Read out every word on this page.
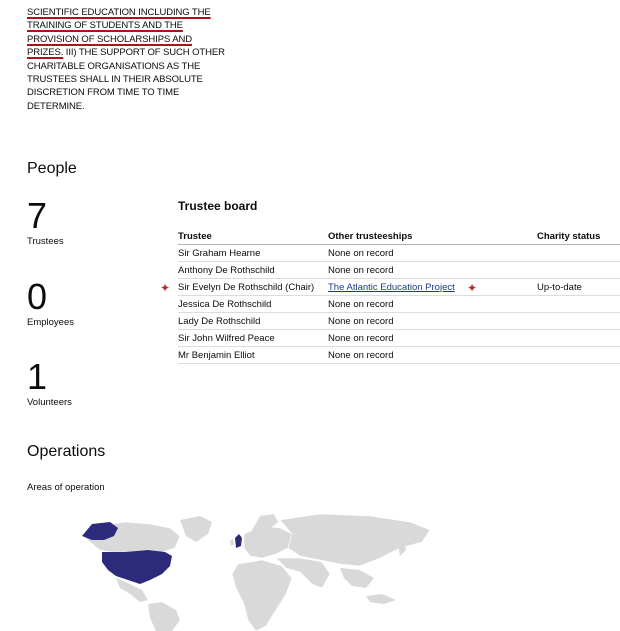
SCIENTIFIC EDUCATION INCLUDING THE TRAINING OF STUDENTS AND THE PROVISION OF SCHOLARSHIPS AND PRIZES. III) THE SUPPORT OF SUCH OTHER CHARITABLE ORGANISATIONS AS THE TRUSTEES SHALL IN THEIR ABSOLUTE DISCRETION FROM TIME TO TIME DETERMINE.
People
7
Trustees
0
Employees
1
Volunteers
Trustee board
Trustee	Other trusteeships	Charity status
Sir Graham Hearne	None on record	
Anthony De Rothschild	None on record	
Sir Evelyn De Rothschild (Chair)	The Atlantic Education Project	Up-to-date
Jessica De Rothschild	None on record	
Lady De Rothschild	None on record	
Sir John Wilfred Peace	None on record	
Mr Benjamin Elliot	None on record	
✦	✦
Operations
Areas of operation
